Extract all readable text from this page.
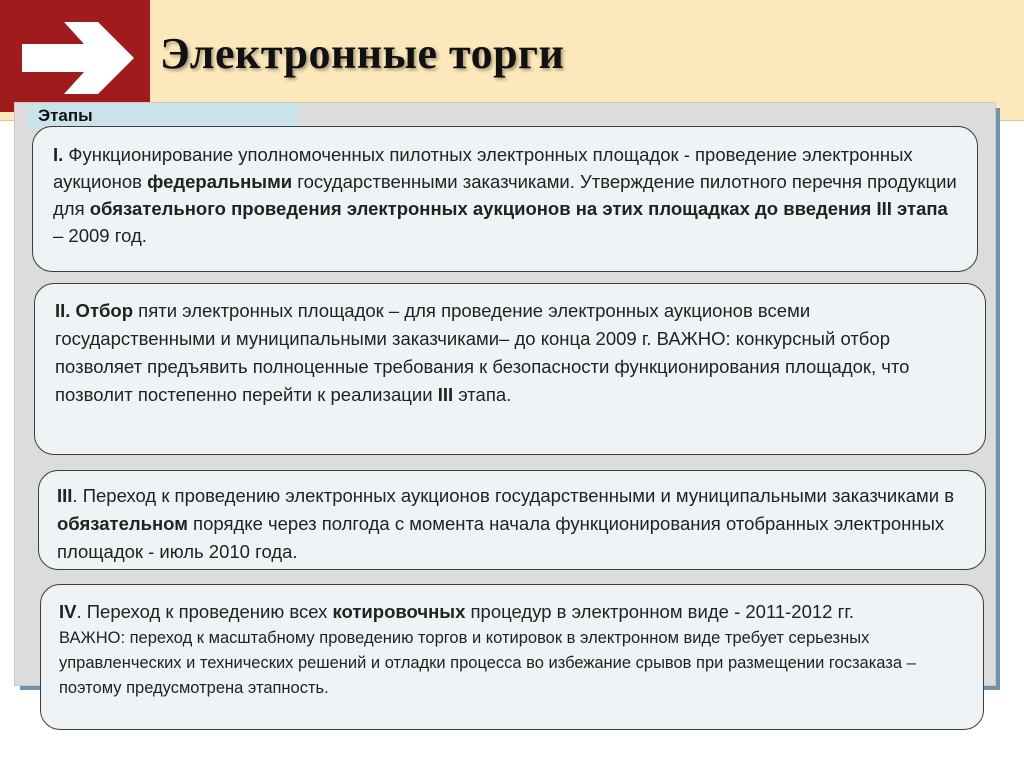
Электронные торги
Этапы

I. Функционирование уполномоченных пилотных электронных площадок - проведение электронных аукционов федеральными государственными заказчиками. Утверждение пилотного перечня продукции для обязательного проведения электронных аукционов на этих площадках до введения III этапа – 2009 год.

II. Отбор пяти электронных площадок – для проведение электронных аукционов всеми государственными и муниципальными заказчиками– до конца 2009 г. ВАЖНО: конкурсный отбор позволяет предъявить полноценные требования к безопасности функционирования площадок, что позволит постепенно перейти к реализации III этапа.

III. Переход к проведению электронных аукционов государственными и муниципальными заказчиками в обязательном порядке через полгода с момента начала функционирования отобранных электронных площадок - июль 2010 года.

IV. Переход к проведению всех котировочных процедур в электронном виде - 2011-2012 гг.

ВАЖНО: переход к масштабному проведению торгов и котировок в электронном виде требует серьезных управленческих и технических решений и отладки процесса во избежание срывов при размещении госзаказа – поэтому предусмотрена этапность.
